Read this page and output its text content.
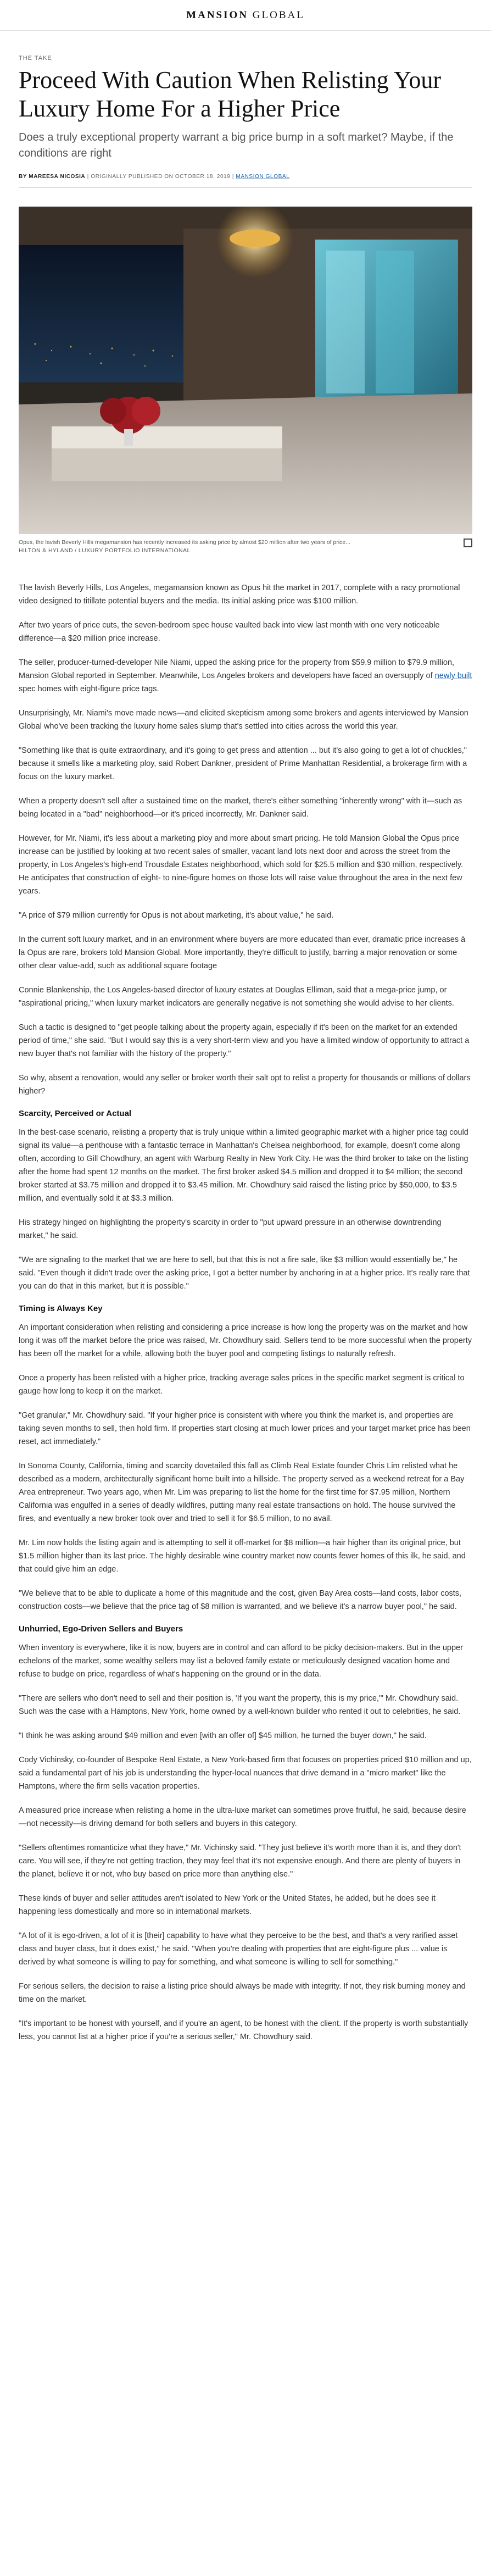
MANSION GLOBAL
THE TAKE
Proceed With Caution When Relisting Your Luxury Home For a Higher Price

Does a truly exceptional property warrant a big price bump in a soft market? Maybe, if the conditions are right

BY MAREESA NICOSIA | ORIGINALLY PUBLISHED ON OCTOBER 18, 2019 | MANSION GLOBAL
Opus, the lavish Beverly Hills megamansion has recently increased its asking price by almost $20 million after two years of price...
HILTON & HYLAND / LUXURY PORTFOLIO INTERNATIONAL

The lavish Beverly Hills, Los Angeles, megamansion known as Opus hit the market in 2017, complete with a racy promotional video designed to titillate potential buyers and the media. Its initial asking price was $100 million.

After two years of price cuts, the seven-bedroom spec house vaulted back into view last month with one very noticeable difference—a $20 million price increase.

The seller, producer-turned-developer Nile Niami, upped the asking price for the property from $59.9 million to $79.9 million, Mansion Global reported in September. Meanwhile, Los Angeles brokers and developers have faced an oversupply of newly built spec homes with eight-figure price tags.

Unsurprisingly, Mr. Niami's move made news—and elicited skepticism among some brokers and agents interviewed by Mansion Global who've been tracking the luxury home sales slump that's settled into cities across the world this year.

"Something like that is quite extraordinary, and it's going to get press and attention ... but it's also going to get a lot of chuckles," because it smells like a marketing ploy, said Robert Dankner, president of Prime Manhattan Residential, a brokerage firm with a focus on the luxury market.

When a property doesn't sell after a sustained time on the market, there's either something "inherently wrong" with it—such as being located in a "bad" neighborhood—or it's priced incorrectly, Mr. Dankner said.

However, for Mr. Niami, it's less about a marketing ploy and more about smart pricing. He told Mansion Global the Opus price increase can be justified by looking at two recent sales of smaller, vacant land lots next door and across the street from the property, in Los Angeles's high-end Trousdale Estates neighborhood, which sold for $25.5 million and $30 million, respectively. He anticipates that construction of eight- to nine-figure homes on those lots will raise value throughout the area in the next few years.

"A price of $79 million currently for Opus is not about marketing, it's about value," he said.

In the current soft luxury market, and in an environment where buyers are more educated than ever, dramatic price increases à la Opus are rare, brokers told Mansion Global. More importantly, they're difficult to justify, barring a major renovation or some other clear value-add, such as additional square footage

Connie Blankenship, the Los Angeles-based director of luxury estates at Douglas Elliman, said that a mega-price jump, or "aspirational pricing," when luxury market indicators are generally negative is not something she would advise to her clients.

Such a tactic is designed to "get people talking about the property again, especially if it's been on the market for an extended period of time," she said. "But I would say this is a very short-term view and you have a limited window of opportunity to attract a new buyer that's not familiar with the history of the property."

So why, absent a renovation, would any seller or broker worth their salt opt to relist a property for thousands or millions of dollars higher?

Scarcity, Perceived or Actual

In the best-case scenario, relisting a property that is truly unique within a limited geographic market with a higher price tag could signal its value—a penthouse with a fantastic terrace in Manhattan's Chelsea neighborhood, for example, doesn't come along often, according to Gill Chowdhury, an agent with Warburg Realty in New York City. He was the third broker to take on the listing after the home had spent 12 months on the market. The first broker asked $4.5 million and dropped it to $4 million; the second broker started at $3.75 million and dropped it to $3.45 million. Mr. Chowdhury said raised the listing price by $50,000, to $3.5 million, and eventually sold it at $3.3 million.

His strategy hinged on highlighting the property's scarcity in order to "put upward pressure in an otherwise downtrending market," he said.

"We are signaling to the market that we are here to sell, but that this is not a fire sale, like $3 million would essentially be," he said. "Even though it didn't trade over the asking price, I got a better number by anchoring in at a higher price. It's really rare that you can do that in this market, but it is possible."

Timing is Always Key

An important consideration when relisting and considering a price increase is how long the property was on the market and how long it was off the market before the price was raised, Mr. Chowdhury said. Sellers tend to be more successful when the property has been off the market for a while, allowing both the buyer pool and competing listings to naturally refresh.

Once a property has been relisted with a higher price, tracking average sales prices in the specific market segment is critical to gauge how long to keep it on the market.

"Get granular," Mr. Chowdhury said. "If your higher price is consistent with where you think the market is, and properties are taking seven months to sell, then hold firm. If properties start closing at much lower prices and your target market price has been reset, act immediately."

In Sonoma County, California, timing and scarcity dovetailed this fall as Climb Real Estate founder Chris Lim relisted what he described as a modern, architecturally significant home built into a hillside. The property served as a weekend retreat for a Bay Area entrepreneur. Two years ago, when Mr. Lim was preparing to list the home for the first time for $7.95 million, Northern California was engulfed in a series of deadly wildfires, putting many real estate transactions on hold. The house survived the fires, and eventually a new broker took over and tried to sell it for $6.5 million, to no avail.

Mr. Lim now holds the listing again and is attempting to sell it off-market for $8 million—a hair higher than its original price, but $1.5 million higher than its last price. The highly desirable wine country market now counts fewer homes of this ilk, he said, and that could give him an edge.

"We believe that to be able to duplicate a home of this magnitude and the cost, given Bay Area costs—land costs, labor costs, construction costs—we believe that the price tag of $8 million is warranted, and we believe it's a narrow buyer pool," he said.

Unhurried, Ego-Driven Sellers and Buyers

When inventory is everywhere, like it is now, buyers are in control and can afford to be picky decision-makers. But in the upper echelons of the market, some wealthy sellers may list a beloved family estate or meticulously designed vacation home and refuse to budge on price, regardless of what's happening on the ground or in the data.

"There are sellers who don't need to sell and their position is, 'If you want the property, this is my price,'" Mr. Chowdhury said. Such was the case with a Hamptons, New York, home owned by a well-known builder who rented it out to celebrities, he said.

"I think he was asking around $49 million and even [with an offer of] $45 million, he turned the buyer down," he said.

Cody Vichinsky, co-founder of Bespoke Real Estate, a New York-based firm that focuses on properties priced $10 million and up, said a fundamental part of his job is understanding the hyper-local nuances that drive demand in a "micro market" like the Hamptons, where the firm sells vacation properties.

A measured price increase when relisting a home in the ultra-luxe market can sometimes prove fruitful, he said, because desire—not necessity—is driving demand for both sellers and buyers in this category.

"Sellers oftentimes romanticize what they have," Mr. Vichinsky said. "They just believe it's worth more than it is, and they don't care. You will see, if they're not getting traction, they may feel that it's not expensive enough. And there are plenty of buyers in the planet, believe it or not, who buy based on price more than anything else."

These kinds of buyer and seller attitudes aren't isolated to New York or the United States, he added, but he does see it happening less domestically and more so in international markets.

"A lot of it is ego-driven, a lot of it is [their] capability to have what they perceive to be the best, and that's a very rarified asset class and buyer class, but it does exist," he said. "When you're dealing with properties that are eight-figure plus ... value is derived by what someone is willing to pay for something, and what someone is willing to sell for something."

For serious sellers, the decision to raise a listing price should always be made with integrity. If not, they risk burning money and time on the market.

"It's important to be honest with yourself, and if you're an agent, to be honest with the client. If the property is worth substantially less, you cannot list at a higher price if you're a serious seller," Mr. Chowdhury said.
